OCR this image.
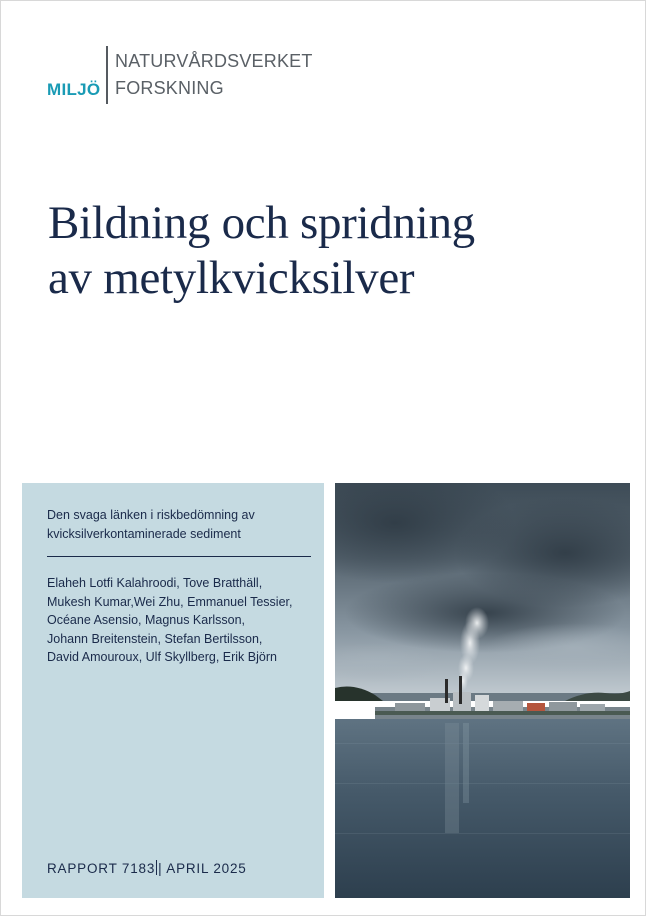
MILJÖ
NATURVÅRDSVERKET
FORSKNING
Bildning och spridning
av metylkvicksilver
Den svaga länken i riskbedömning av kvicksilverkontaminerade sediment
Elaheh Lotfi Kalahroodi, Tove Bratthäll,
Mukesh Kumar,Wei Zhu, Emmanuel Tessier,
Océane Asensio, Magnus Karlsson,
Johann Breitenstein, Stefan Bertilsson,
David Amouroux, Ulf Skyllberg, Erik Björn
RAPPORT 7183 | APRIL 2025
